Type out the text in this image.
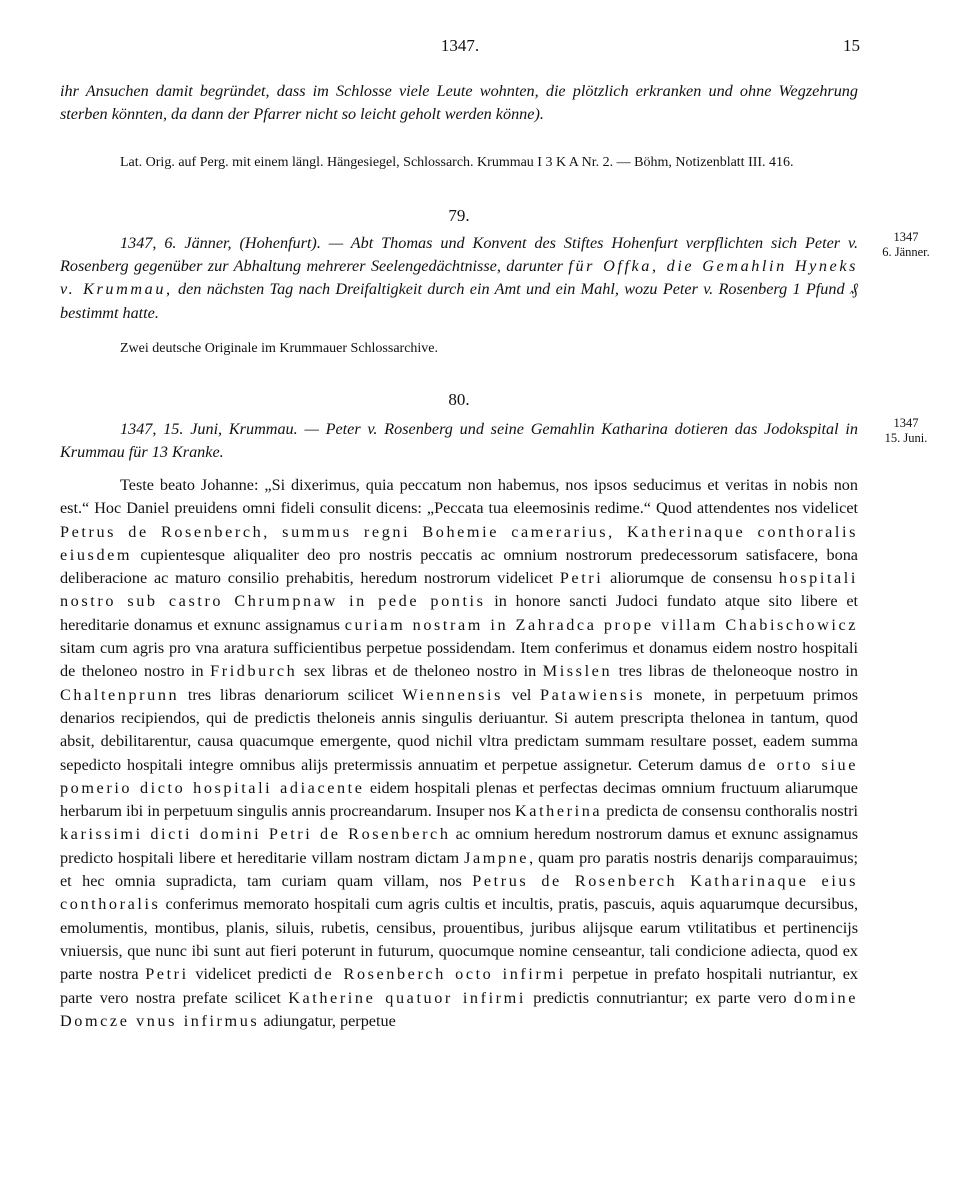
1347.	15

ihr Ansuchen damit begründet, dass im Schlosse viele Leute wohnten, die plötzlich erkranken und ohne Wegzehrung sterben könnten, da dann der Pfarrer nicht so leicht geholt werden könne).

Lat. Orig. auf Perg. mit einem längl. Hängesiegel, Schlossarch. Krummau I 3 K A Nr. 2. — Böhm, Notizenblatt III. 416.

79.

1347
6. Jänner.

1347, 6. Jänner, (Hohenfurt). — Abt Thomas und Konvent des Stiftes Hohenfurt verpflichten sich Peter v. Rosenberg gegenüber zur Abhaltung mehrerer Seelengedächtnisse, darunter für Offka, die Gemahlin Hyneks v. Krummau, den nächsten Tag nach Dreifaltigkeit durch ein Amt und ein Mahl, wozu Peter v. Rosenberg 1 Pfund ₰ bestimmt hatte.

Zwei deutsche Originale im Krummauer Schlossarchive.

80.

1347
15. Juni.

1347, 15. Juni, Krummau. — Peter v. Rosenberg und seine Gemahlin Katharina dotieren das Jodokspital in Krummau für 13 Kranke.

Teste beato Johanne: „Si dixerimus, quia peccatum non habemus, nos ipsos seducimus et veritas in nobis non est.“ Hoc Daniel preuidens omni fideli consulit dicens: „Peccata tua eleemosinis redime.“ Quod attendentes nos videlicet Petrus de Rosenberch, summus regni Bohemie camerarius, Katherinaque conthoralis eiusdem cupientesque aliqualiter deo pro nostris peccatis ac omnium nostrorum predecessorum satisfacere, bona deliberacione ac maturo consilio prehabitis, heredum nostrorum videlicet Petri aliorumque de consensu hospitali nostro sub castro Chrumpnaw in pede pontis in honore sancti Judoci fundato atque sito libere et hereditarie donamus et exnunc assignamus curiam nostram in Zahradca prope villam Chabischowicz sitam cum agris pro vna aratura sufficientibus perpetue possidendam. Item conferimus et donamus eidem nostro hospitali de theloneo nostro in Fridburch sex libras et de theloneo nostro in Misslen tres libras de theloneoque nostro in Chaltenprunn tres libras denariorum scilicet Wiennensis vel Patawiensis monete, in perpetuum primos denarios recipiendos, qui de predictis theloneis annis singulis deriuantur. Si autem prescripta thelonea in tantum, quod absit, debilitarentur, causa quacumque emergente, quod nichil vltra predictam summam resultare posset, eadem summa sepedicto hospitali integre omnibus alijs pretermissis annuatim et perpetue assignetur. Ceterum damus de orto siue pomerio dicto hospitali adiacente eidem hospitali plenas et perfectas decimas omnium fructuum aliarumque herbarum ibi in perpetuum singulis annis procreandarum. Insuper nos Katherina predicta de consensu conthoralis nostri karissimi dicti domini Petri de Rosenberch ac omnium heredum nostrorum damus et exnunc assignamus predicto hospitali libere et hereditarie villam nostram dictam Jampne, quam pro paratis nostris denarijs comparauimus; et hec omnia supradicta, tam curiam quam villam, nos Petrus de Rosenberch Katharinaque eius conthoralis conferimus memorato hospitali cum agris cultis et incultis, pratis, pascuis, aquis aquarumque decursibus, emolumentis, montibus, planis, siluis, rubetis, censibus, prouentibus, juribus alijsque earum vtilitatibus et pertinencijs vniuersis, que nunc ibi sunt aut fieri poterunt in futurum, quocumque nomine censeantur, tali condicione adiecta, quod ex parte nostra Petri videlicet predicti de Rosenberch octo infirmi perpetue in prefato hospitali nutriantur, ex parte vero nostra prefate scilicet Katherine quatuor infirmi predictis connutriantur; ex parte vero domine Domcze vnus infirmus adiungatur, perpetue
